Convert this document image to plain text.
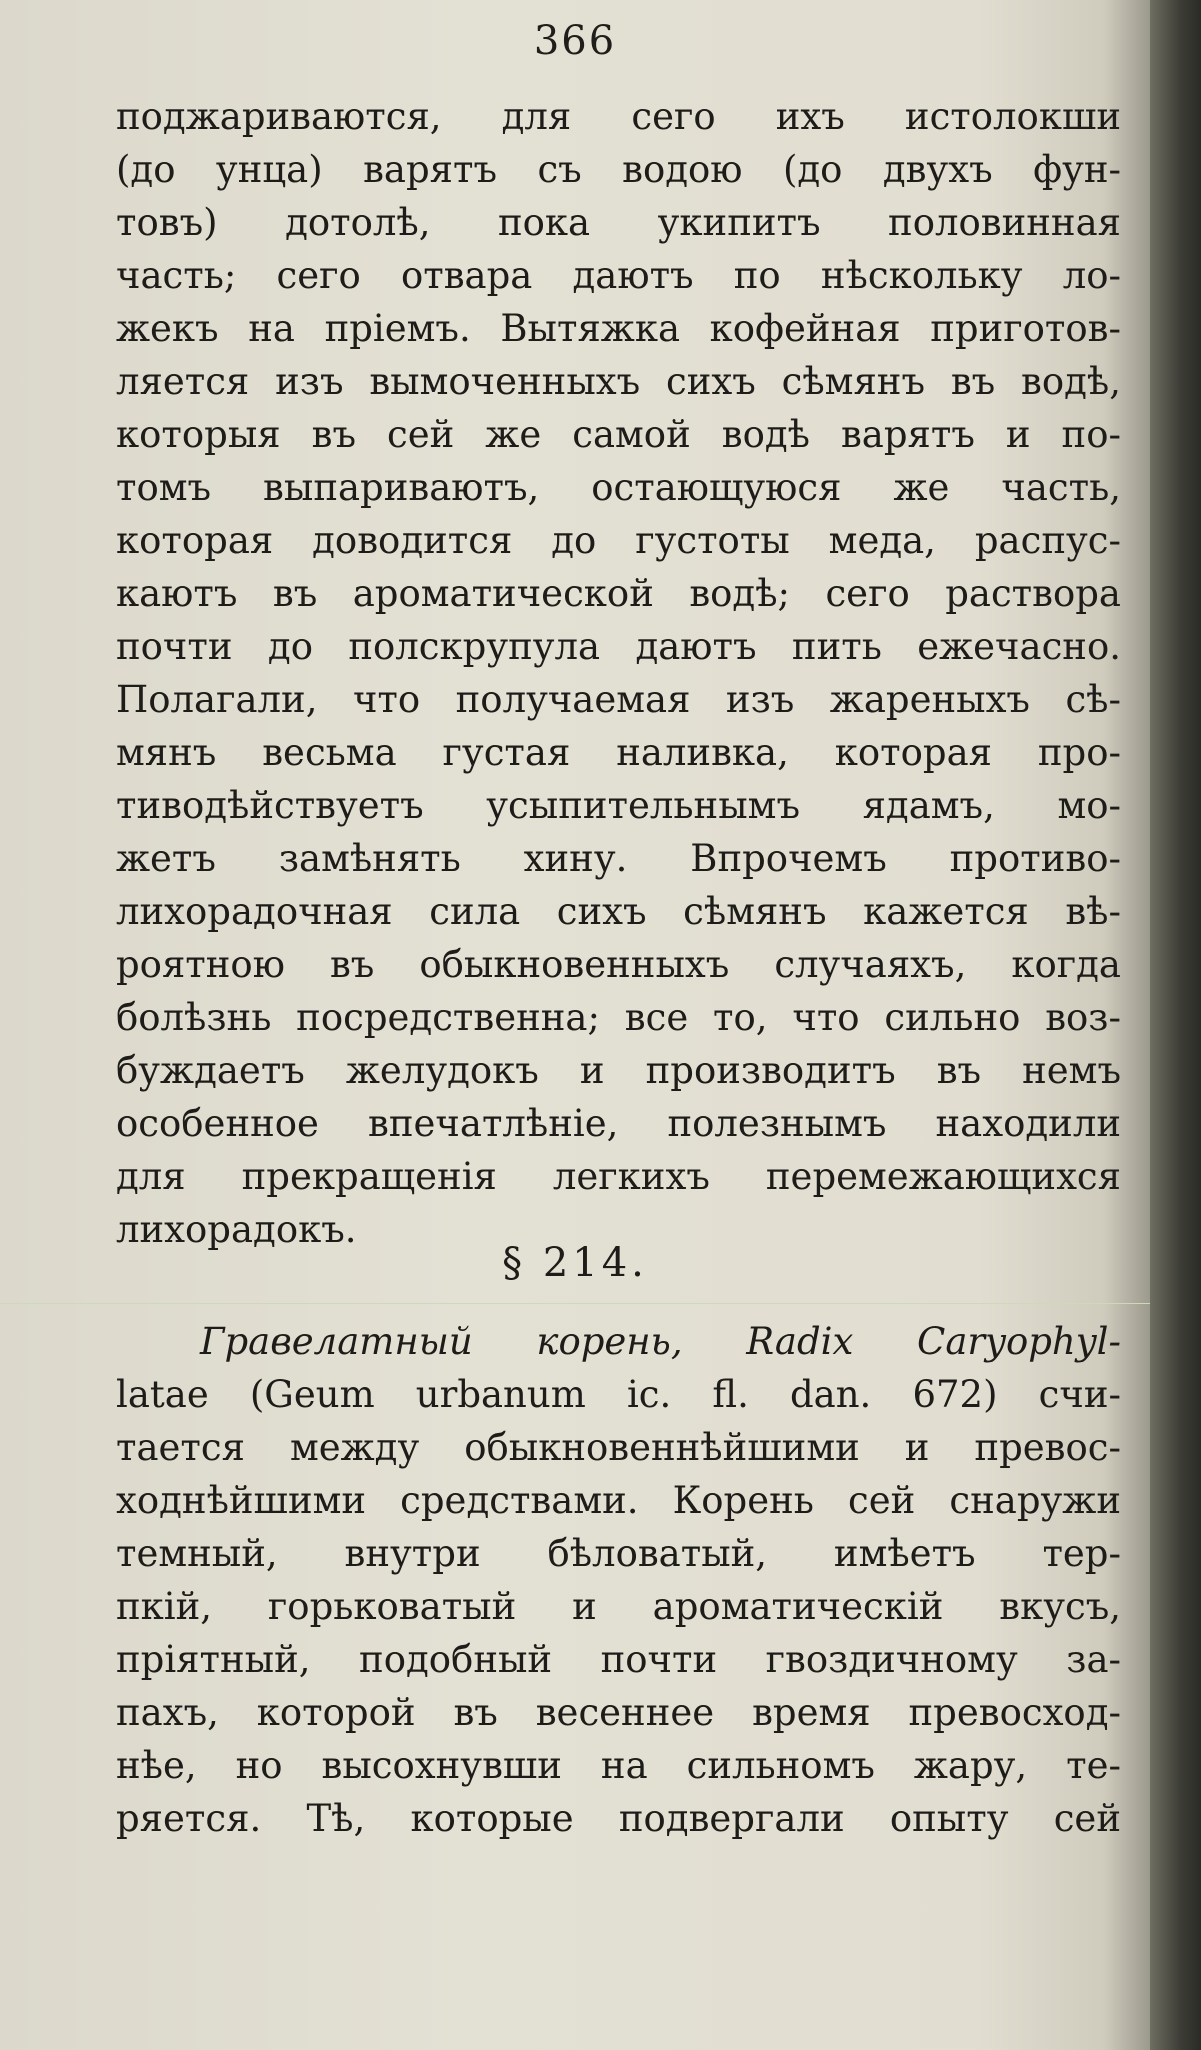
366
поджариваются, для сего ихъ истолокши
(до унца) варятъ съ водою (до двухъ фун-
товъ) дотолѣ, пока укипитъ половинная
часть; сего отвара даютъ по нѣскольку ло-
жекъ на пріемъ. Вытяжка кофейная приготов-
ляется изъ вымоченныхъ сихъ сѣмянъ въ водѣ,
которыя въ сей же самой водѣ варятъ и по-
томъ выпариваютъ, остающуюся же часть,
которая доводится до густоты меда, распус-
каютъ въ ароматической водѣ; сего раствора
почти до полскрупула даютъ пить ежечасно.
Полагали, что получаемая изъ жареныхъ сѣ-
мянъ весьма густая наливка, которая про-
тиводѣйствуетъ усыпительнымъ ядамъ, мо-
жетъ замѣнять хину. Впрочемъ противо-
лихорадочная сила сихъ сѣмянъ кажется вѣ-
роятною въ обыкновенныхъ случаяхъ, когда
болѣзнь посредственна; все то, что сильно воз-
буждаетъ желудокъ и производитъ въ немъ
особенное впечатлѣніе, полезнымъ находили
для прекращенія легкихъ перемежающихся
лихорадокъ.
§ 214.
Гравелатный корень, Radix Caryophyl-
latae (Geum urbanum ic. fl. dan. 672) счи-
тается между обыкновеннѣйшими и превос-
ходнѣйшими средствами. Корень сей снаружи
темный, внутри бѣловатый, имѣетъ тер-
пкій, горьковатый и ароматическій вкусъ,
пріятный, подобный почти гвоздичному за-
пахъ, которой въ весеннее время превосход-
нѣе, но высохнувши на сильномъ жару, те-
ряется. Тѣ, которые подвергали опыту сей
